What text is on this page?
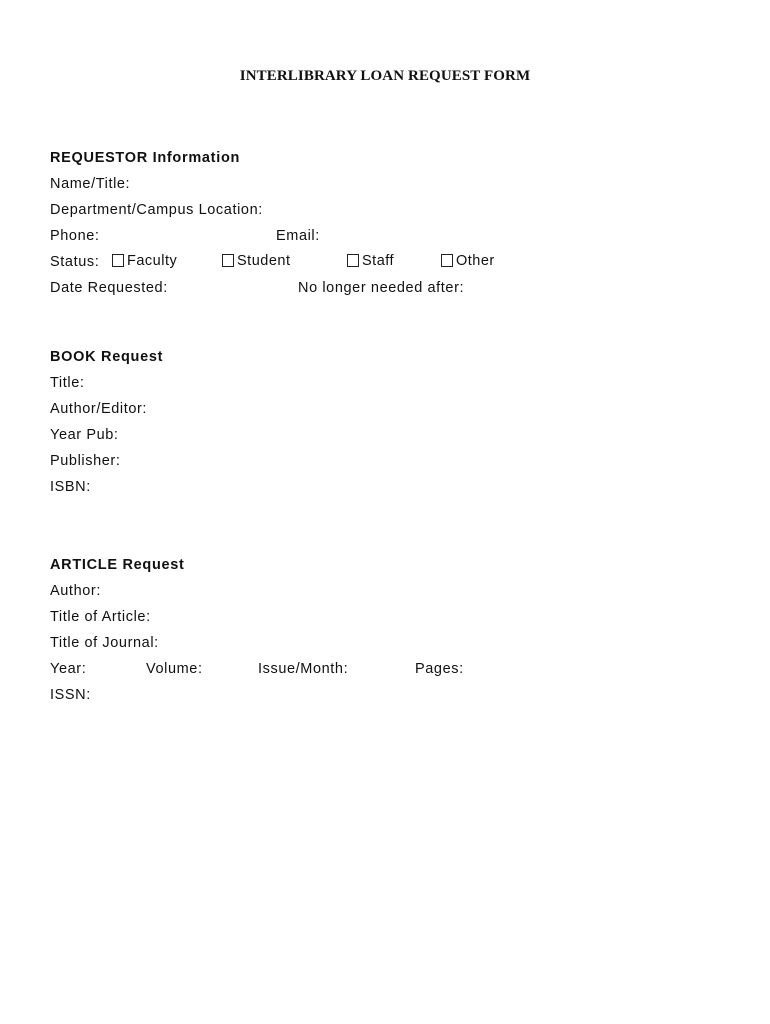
INTERLIBRARY LOAN REQUEST FORM
REQUESTOR Information
Name/Title:
Department/Campus Location:
Phone:	Email:
Status: Faculty	Student	Staff	Other
Date Requested:	No longer needed after:
BOOK Request
Title:
Author/Editor:
Year Pub:
Publisher:
ISBN:
ARTICLE Request
Author:
Title of Article:
Title of Journal:
Year:	Volume:	Issue/Month:	Pages:
ISSN:
